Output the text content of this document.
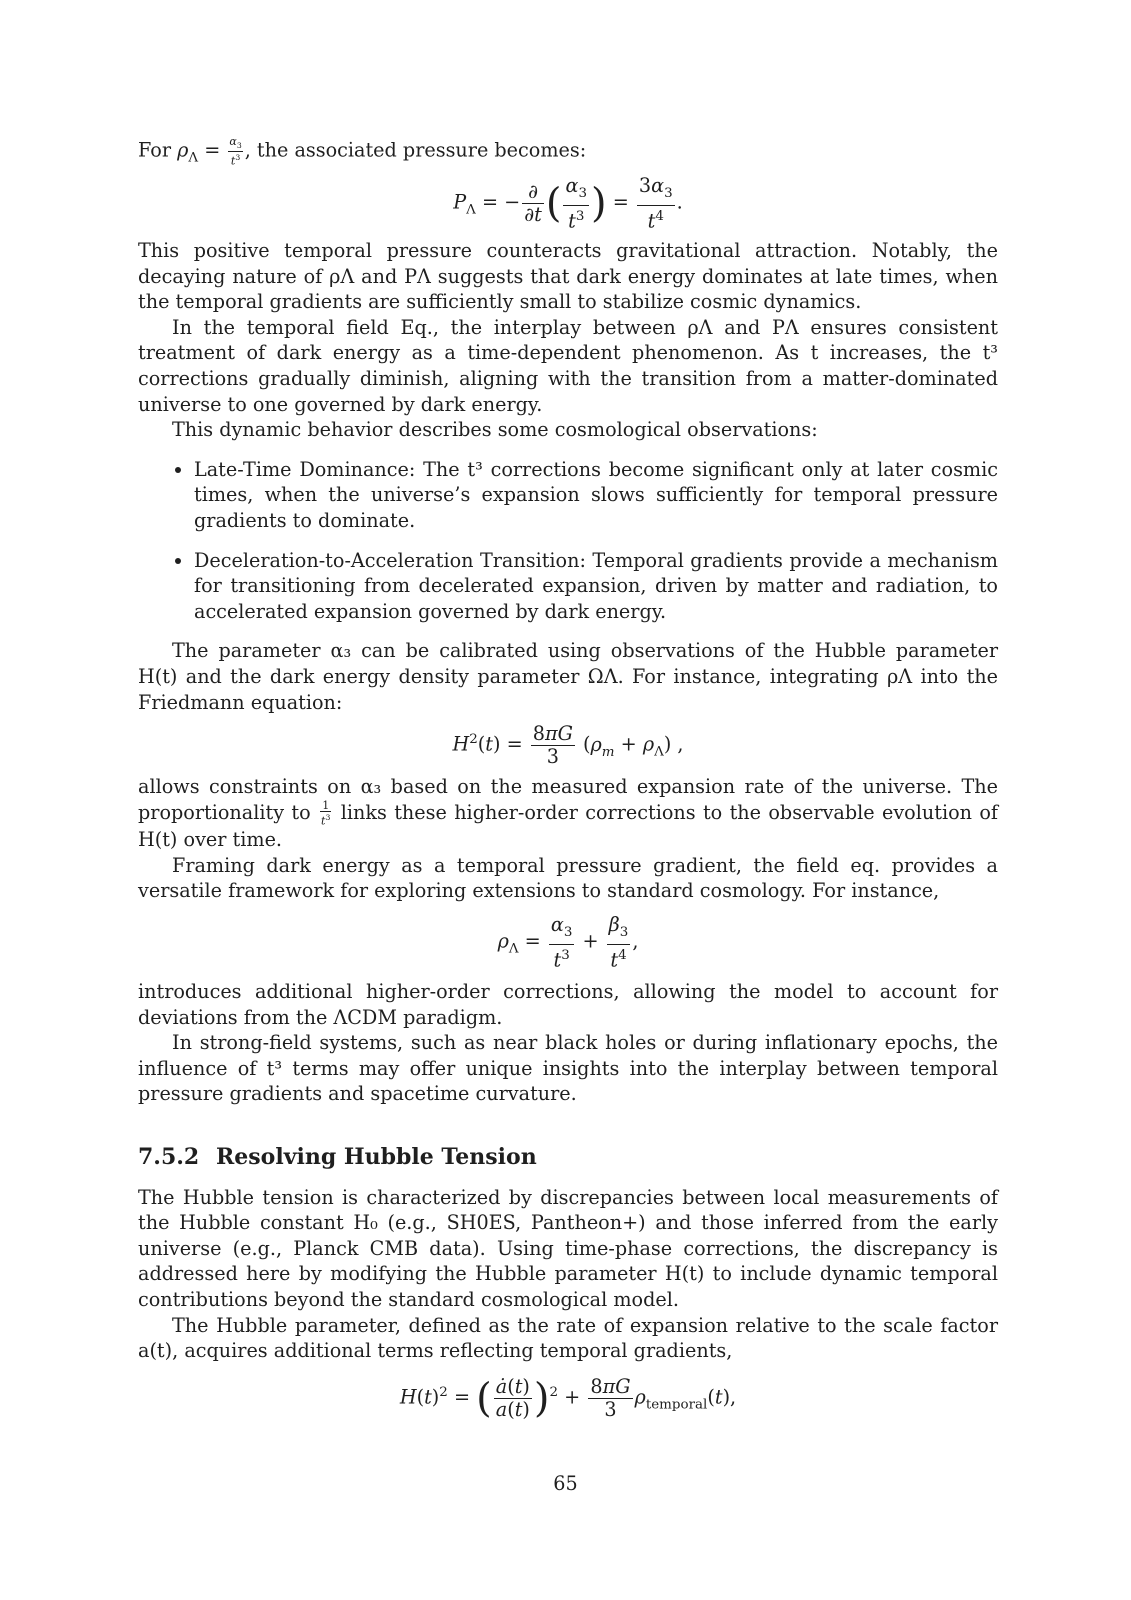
For $\rho_\Lambda = \frac{\alpha_3}{t^3}$ , the associated pressure becomes:

$P_\Lambda$ = − $\frac{\partial}{\partial t}$ ( $\frac{\alpha_3}{t^3}$ ) = $\frac{3\alpha_3}{t^4}$ .

This positive temporal pressure counteracts gravitational attraction. Notably, the decaying nature of ρΛ and PΛ suggests that dark energy dominates at late times, when the temporal gradients are sufficiently small to stabilize cosmic dynamics.

In the temporal field Eq., the interplay between ρΛ and PΛ ensures consistent treatment of dark energy as a time-dependent phenomenon. As t increases, the t³ corrections gradually diminish, aligning with the transition from a matter-dominated universe to one governed by dark energy.

This dynamic behavior describes some cosmological observations:

• Late-Time Dominance: The t³ corrections become significant only at later cosmic times, when the universe’s expansion slows sufficiently for temporal pressure gradients to dominate.
• Deceleration-to-Acceleration Transition: Temporal gradients provide a mechanism for transitioning from decelerated expansion, driven by matter and radiation, to accelerated expansion governed by dark energy.

The parameter α₃ can be calibrated using observations of the Hubble parameter H(t) and the dark energy density parameter ΩΛ. For instance, integrating ρΛ into the Friedmann equation:

$H^2(t) = \frac{8\pi G}{3} (\rho_m + \rho_\Lambda)$ ,

allows constraints on α₃ based on the measured expansion rate of the universe. The proportionality to $\frac{1}{t^3}$ links these higher-order corrections to the observable evolution of H(t) over time.

Framing dark energy as a temporal pressure gradient, the field eq. provides a versatile framework for exploring extensions to standard cosmology. For instance,

$\rho_\Lambda = \frac{\alpha_3}{t^3} + \frac{\beta_3}{t^4}$ ,

introduces additional higher-order corrections, allowing the model to account for deviations from the ΛCDM paradigm.

In strong-field systems, such as near black holes or during inflationary epochs, the influence of t³ terms may offer unique insights into the interplay between temporal pressure gradients and spacetime curvature.

7.5.2 Resolving Hubble Tension

The Hubble tension is characterized by discrepancies between local measurements of the Hubble constant H₀ (e.g., SH0ES, Pantheon+) and those inferred from the early universe (e.g., Planck CMB data). Using time-phase corrections, the discrepancy is addressed here by modifying the Hubble parameter H(t) to include dynamic temporal contributions beyond the standard cosmological model.

The Hubble parameter, defined as the rate of expansion relative to the scale factor a(t), acquires additional terms reflecting temporal gradients,

$H(t)^2$ = ( $\frac{ȧ(t)}{a(t)} )^2 + \frac{8\pi G}{3} \rho_{temporal}(t)$,
65
